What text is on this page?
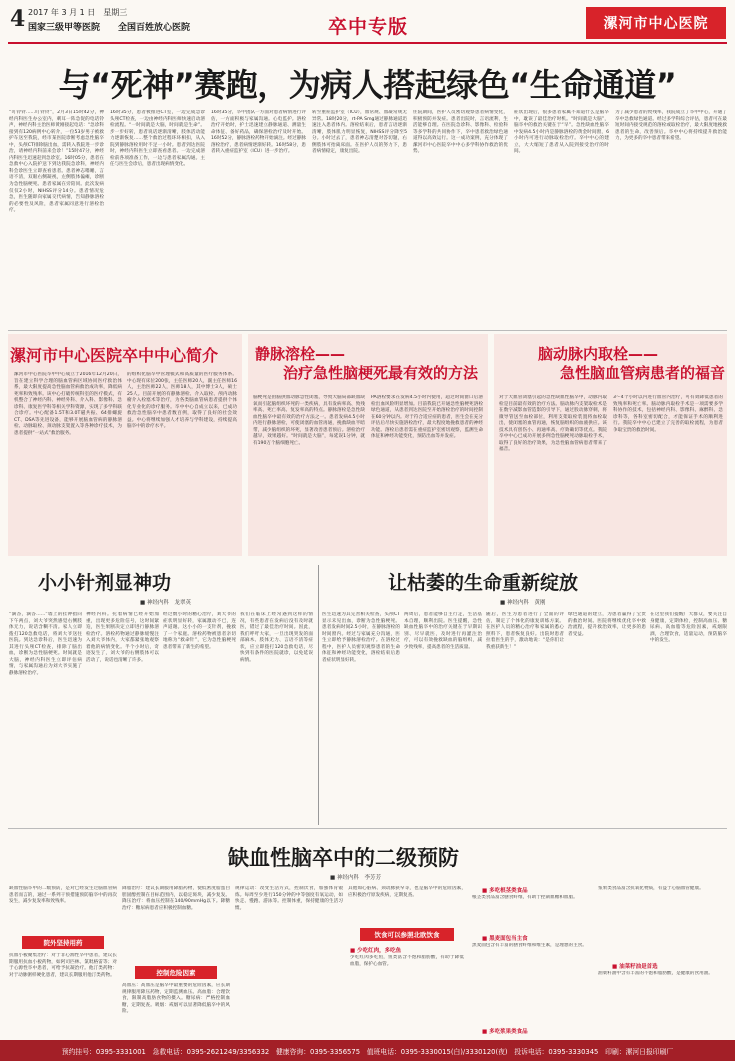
4 2017 年 3 月 1 日　星期三
国家三级甲等医院 全国百姓放心医院	卒中专版	漯河市中心医院
与“死神”赛跑，为病人搭起绿色“生命通道”
“叮铃铃……叮铃铃”，2月3日15时42分，神经内科医生办公室内，刺耳一阵急促的电话铃声，神经内科主治医师黄刚接起电话：“急诊科接到有120病例中心转介，一位53岁男子被救护车送至我院，经市某医院诊断考虑急性脑卒中，头颅CT排除脑出血，需转入我院进一步诊治，请神经内科前来会诊！”15时47分，神经内科医生迅速赶到急诊室。16时05分，患者在急救中心入院护送下到达我院急诊科，神经内科会诊医生立即查看患者。患者神志嗜睡，言语不清，双眼右侧凝视，左侧肢体偏瘫，诊断为急性脑梗死。患者家属在旁陪同。此次发病仅仅2小时，NIHSS评分14分。患者情况危急，医生随即向家属交代病情，告知静脉溶栓的必要性及风险，患者家属同意进行溶栓治疗。
16时35分，患者被推进CT室，一边完成急诊头颅CT检查，一边由神经内科医师快速启动溶栓流程。“一时间就是大脑，时间就是生命”。步一步好转，患者说话逐渐清晰，肢体活动能力逐渐恢复……整个救治过程环环相扣，从入院到静脉溶栓用时不足一小时。患者到达医院时，神经内科医生立即查看患者。一边完成溶栓前各项准备工作，一边与患者家属沟通。主任与医生会诊后，患者出现病情变化。
16时35分，卒中团队一方面对患者病情进行评估，一方面积极与家属沟通。心电监护。溶栓治疗开始时，护士迅速建立静脉通道、测量生命体征、备好药品，确保溶栓治疗及时开始。16时52分，静脉溶栓药物开始滴注。经过静脉溶栓治疗，患者病情逐渐好转。16时58分，患者转入重症监护室（ICU）进一步治疗。
转至重症监护室（ICU），血常规、血凝常规无异常。18时20分，rt-PA Smg通过静脉通道迅速注入患者体内。溶栓结束后，患者言语逐渐清晰，肢体肌力明显恢复，NIHSS评分降至5分。小时过去了，患者神志清楚对答切题，右侧肢体可抬离床面。在医护人员的努力下，患者病情稳定，康复出院。
住院期间，医护人员密切观察患者病情变化，积极预防并发症。患者出院时，言语流利，生活能够自理。在医院急诊科、影像科、检验科等多学科的共同协作下，卒中患者救治绿色通道得以高效运行。这一成功案例，充分体现了漯河市中心医院卒中中心多学科协作救治的优势。
症状出现后，很多患者家属不知道什么是脑卒中，耽误了最佳治疗时机。“时间就是大脑”，脑卒中的救治关键在于“早”。急性缺血性脑卒中发病4.5小时内是静脉溶栓的黄金时间窗，6小时内可进行动脉取栓治疗。卒中中心的建立，大大缩短了患者从入院到接受治疗的时间。
为了减少患者的致残率，我院成立了卒中中心，开通了卒中急救绿色通道。经过多学科综合评估，患者可在最短时间内接受规范的溶栓或取栓治疗，最大限度地挽救患者的生命，改善预后。卒中中心将持续提升救治能力，为更多的卒中患者带来希望。
漯河市中心医院卒中中心简介
漯河市中心医院卒中中心成立于2016年12月20日，旨在建立科学合理的脑血管病区域协同医疗救治体系，最大限度提高急性脑血管病救治成功率，降低病死率和致残率。该中心打破传统科室的医疗模式，有机整合了神经内科、神经外科、介入科、影像科、急诊科、康复医学科等相关学科资源，实现了多学科联合诊疗。中心配备1.5T和3.0T磁共振、64排螺旋CT、DSA等先进设备，能够开展脑血管病的静脉溶栓、动脉取栓、颈动脉支架置入等各种诊疗技术，为患者提供“一站式”救治服务。
的组织化脑卒中管理模式和高质量的医疗服务体系。中心现有床位200张，主任医师20人，副主任医师16人，主治医师22人，医师18人，其中博士3人，硕士25人。目前开展的有静脉溶栓、介入取栓、颅内动脉瘤介入栓塞术等治疗，为各类脑血管病患者提供个体化专业化的诊疗服务。卒中中心自成立以来，已成功救治急性脑卒中患者数百例，取得了良好的社会效益。中心将继续加强人才培养与学科建设，持续提高脑卒中的诊疗水平。
静脉溶栓——
治疗急性脑梗死最有效的方法
脑梗死是由脑供血动脉急性闭塞，导致大脑局部缺血缺氧而引起脑组织坏死的一类疾病，具有发病率高、致残率高、死亡率高、复发率高的特点。静脉溶栓是急性缺血性脑卒中最有效的治疗方法之一。患者发病4.5小时内进行静脉溶栓，可使闭塞的血管再通，挽救缺血半暗带，减少脑组织的坏死，显著改善患者预后。溶栓治疗越早，效果越好。“时间就是大脑”，每延误1分钟，就有190万个脑细胞死亡。
PA溶栓要求在发病4.5小时内使用，超过时间窗口后溶栓出血风险明显增加。目前我院已开通急性脑梗死溶栓绿色通道，从患者到达医院至开始溶栓治疗的时间控制在60分钟以内。对于符合适应症的患者，医生会在充分评估后尽快实施溶栓治疗，最大程度地挽救患者的神经功能。溶栓后患者需在重症监护室密切观察，监测生命体征和神经功能变化，预防出血等并发症。
脑动脉内取栓——
急性脑血管病患者的福音
对于大血管闭塞引起的急性缺血性脑卒中，动脉内取栓是目前最有效的治疗方法。脑动脉内支架取栓术是在数字减影血管造影的引导下，通过股动脉穿刺，将微导管送至血栓部位，利用支架取栓装置将血栓取出，使闭塞的血管再通，恢复脑组织的血液供应。该技术具有创伤小、再通率高、疗效确切等优点。我院卒中中心已成功开展多例急性脑梗死动脉取栓手术，取得了良好的治疗效果，为急性脑血管病患者带来了福音。
3～4个小时以内进行血管内治疗，可有效降低患者的致残率和死亡率。脑动脉内取栓手术是一项需要多学科协作的技术，包括神经内科、影像科、麻醉科、急诊科等，各科室密切配合，才能保证手术的顺利进行。我院卒中中心已建立了完善的取栓流程，为患者争取宝贵的救治时间。
小小针剂显神功
■ 神经内科　龙翠英
“滴答，滴答……”墙上的挂钟指向下午两点，刘大爷突然感觉右侧肢体无力，说话含糊不清。家人立即拨打120急救电话，将刘大爷送往医院。到达急诊科后，医生迅速为其进行头颅CT检查，排除了脑出血，诊断为急性脑梗死。时间就是大脑，神经内科医生立即评估病情，与家属沟通后为刘大爷实施了静脉溶栓治疗。
神经内科。托着病情已经开始加重，出现更多危险信号，这时间紧迫，医生果断决定立即进行静脉溶栓治疗。溶栓药物通过静脉缓慢注入刘大爷体内，大家都紧张地观察着他的病情变化。半个小时后，奇迹发生了，刘大爷的右侧肢体可以活动了，说话也清晰了许多。
经过数小时的精心治疗，刘大爷的症状明显好转，家属激动不已，连声道谢。这小小的一支针剂，挽救了一个家庭。溶栓药物被患者亲切地称为“救命针”，它为急性脑梗死患者带来了新生的希望。
我们在临床上经常遇到这样的情况，有些患者在发病后没有及时就医，错过了最佳治疗时间。因此，我们呼吁大家，一旦出现突发的面部麻木、肢体无力、言语不清等症状，应立即拨打120急救电话，尽快到有条件的医院就诊，以免延误病情。
让枯萎的生命重新绽放
■ 神经内科　黄刚
医生迅速为其完善相关检查，头颅CT显示未见出血，诊断为急性脑梗死。患者发病时间2.5小时，在静脉溶栓的时间窗内。经过与家属充分沟通，医生立即给予静脉溶栓治疗。在溶栓过程中，医护人员密切观察患者的生命体征和神经功能变化，溶栓结束后患者症状明显好转。
两周后，患者能够自主行走，生活基本自理，顺利出院。医生提醒，急性缺血性脑卒中的治疗关键在于早期识别、尽早就医，及时进行再灌注治疗，可以有效挽救缺血的脑组织，减少致残率，提高患者的生活质量。
随后，医生为患者进行了全面的评估，制定了个体化的康复训练方案。在医护人员的精心治疗和家属的悉心照料下，患者恢复良好。出院时患者拉着医生的手，激动地说：“是你们让我重获新生！”
绿色通道的建立，为患者赢得了宝贵的救治时间。医院将继续优化卒中救治流程，提升救治效率，让更多的患者受益。
在这里我们提醒广大群众，要关注自身健康，定期体检，控制高血压、糖尿病、高血脂等危险因素，戒烟限酒，合理饮食，适量运动，预防脑卒中的发生。
缺血性脑卒中的二级预防
■ 神经内科　李芳芳
缺血性脑卒中的二级预防，是对已经发生过脑血管病患者而言的，通过一系列干预措施预防脑卒中的再次发生，减少复发率和致残率。
院外坚持用药
抗血小板聚集治疗：对于非心源性卒中患者，建议长期服用抗血小板药物，如阿司匹林、氯吡格雷等；对于心源性卒中患者，可给予抗凝治疗。他汀类药物：对于动脉粥样硬化患者，建议长期服用他汀类药物。
降脂治疗：建议长期服用降脂药物，使低密度脂蛋白胆固醇控制在目标范围内，以稳定斑块，减少复发。降压治疗：将血压控制在140/90mmHg以下。降糖治疗：糖尿病患者应积极控制血糖。
控制危险因素
高血压：高血压是脑卒中最重要的危险因素，应长期规律服用降压药物，定期监测血压。高血脂：合理饮食，限制高脂肪食物的摄入。糖尿病：严格控制血糖，定期复查。吸烟：戒烟可以显著降低脑卒中的风险。
规律运动：改变生活方式，控制饮食，加强体育锻炼。每周至少进行150分钟的中等强度有氧运动，如快走、慢跑、游泳等。控制体重，保持健康的生活习惯。
其他如心脏病、颈动脉狭窄等，也是脑卒中的危险因素，应积极治疗原发疾病，定期复查。
饮食可以参照北欧饮食
■ 少吃红肉，多吃鱼
少吃红肉多吃鱼，鱼类富含不饱和脂肪酸，有助于降低血脂，保护心血管。
■ 多吃根茎类食品
根茎类食品富含膳食纤维，有助于控制血糖和血脂。
■ 黑麦面包当主食
黑麦面包含有丰富的膳食纤维和维生素，是理想的主食。
■ 多吃浆果类食品
浆果类食品富含抗氧化物质，有益于心脑血管健康。
■ 油菜籽油是首选
油菜籽油中含有丰富的不饱和脂肪酸，是健康的食用油。
预约挂号：0395-3331001　急救电话：0395-2621249/3356332　健康咨询：0395-3356575　值班电话：0395-3330015(白)/3330120(夜)　投诉电话：0395-3330345　印刷：漯河日报印刷厂
